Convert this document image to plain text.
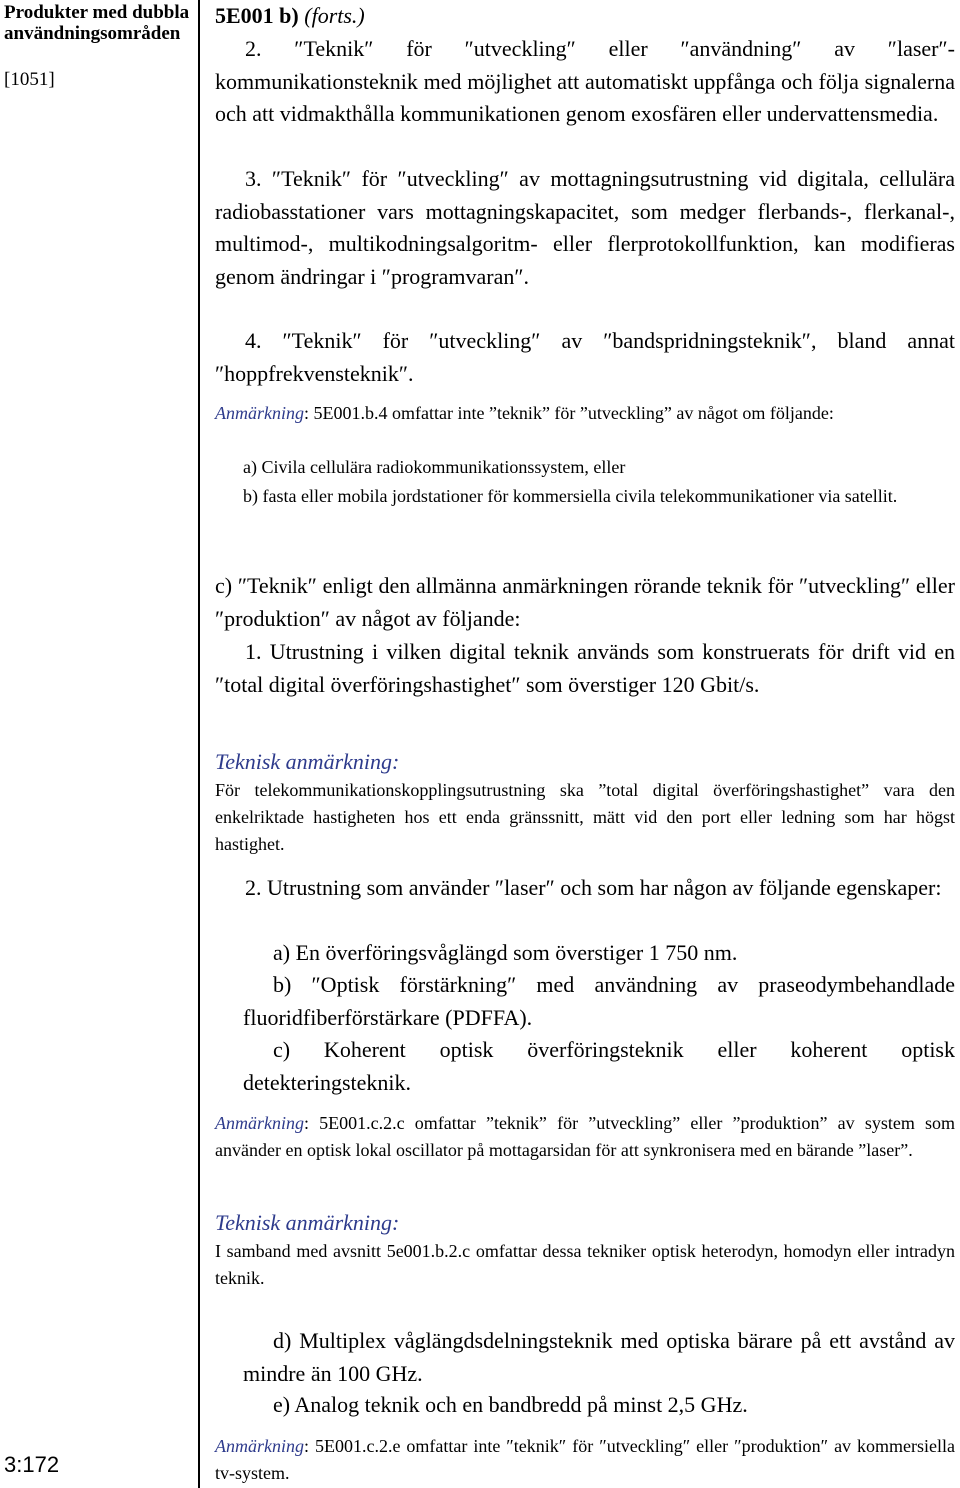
Produkter med dubbla användningsområden
[1051]
3:172
5E001 b) (forts.)

2. ″Teknik″ för ″utveckling″ eller ″användning″ av ″laser″-kommunikationsteknik med möjlighet att automatiskt uppfånga och följa signalerna och att vidmakthålla kommunikationen genom exosfären eller undervattensmedia.

3. ″Teknik″ för ″utveckling″ av mottagningsutrustning vid digitala, cellulära radiobasstationer vars mottagningskapacitet, som medger flerbands-, flerkanal-, multimod-, multikodningsalgoritm- eller flerprotokollfunktion, kan modifieras genom ändringar i ″programvaran″.

4. ″Teknik″ för ″utveckling″ av ″bandspridningsteknik″, bland annat ″hoppfrekvensteknik″.

Anmärkning: 5E001.b.4 omfattar inte ”teknik” för ”utveckling” av något om följande:

a) Civila cellulära radiokommunikationssystem, eller

b) fasta eller mobila jordstationer för kommersiella civila telekommunikationer via satellit.

c) ″Teknik″ enligt den allmänna anmärkningen rörande teknik för ″utveckling″ eller ″produktion″ av något av följande:

1. Utrustning i vilken digital teknik används som konstruerats för drift vid en ″total digital överföringshastighet″ som överstiger 120 Gbit/s.

Teknisk anmärkning:

För telekommunikationskopplingsutrustning ska ”total digital överföringshastighet” vara den enkelriktade hastigheten hos ett enda gränssnitt, mätt vid den port eller ledning som har högst hastighet.

2. Utrustning som använder ″laser″ och som har någon av följande egenskaper:

a) En överföringsvåglängd som överstiger 1 750 nm.

b) ″Optisk förstärkning″ med användning av praseodymbehandlade fluoridfiberförstärkare (PDFFA).

c) Koherent optisk överföringsteknik eller koherent optisk detekteringsteknik.

Anmärkning: 5E001.c.2.c omfattar ”teknik” för ”utveckling” eller ”produktion” av system som använder en optisk lokal oscillator på mottagarsidan för att synkronisera med en bärande ”laser”.
Teknisk anmärkning:

I samband med avsnitt 5e001.b.2.c omfattar dessa tekniker optisk heterodyn, homodyn eller intradyn teknik.

d) Multiplex våglängdsdelningsteknik med optiska bärare på ett avstånd av mindre än 100 GHz.

e) Analog teknik och en bandbredd på minst 2,5 GHz.

Anmärkning: 5E001.c.2.e omfattar inte ″teknik″ för ″utveckling″ eller ″produktion″ av kommersiella tv-system.
